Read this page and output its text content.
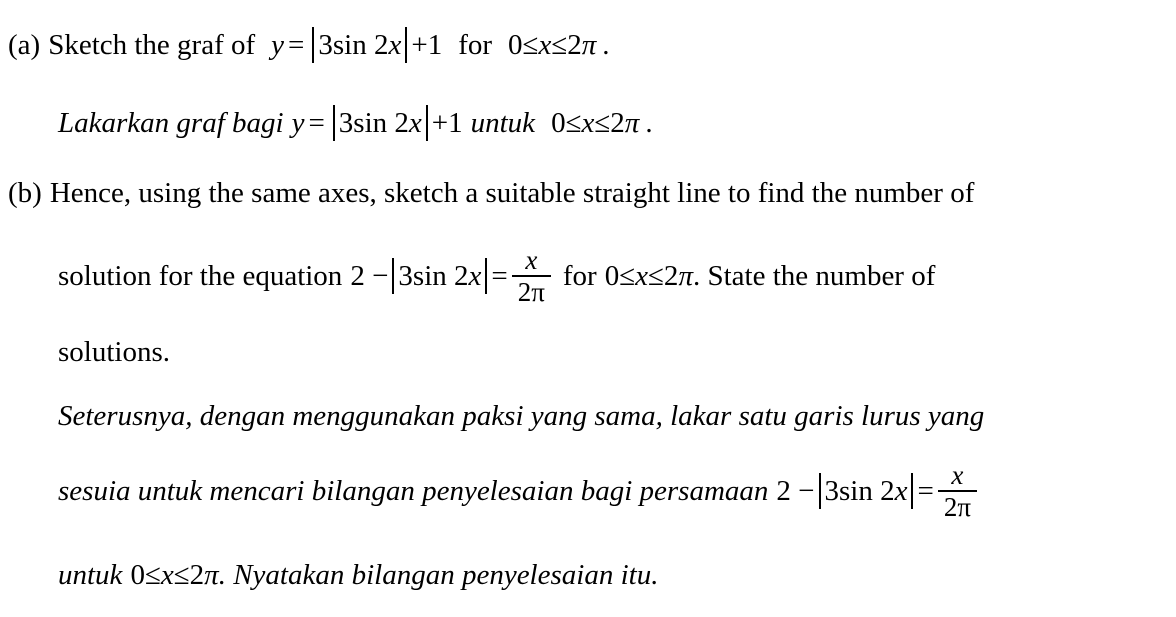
(a) Sketch the graf of y = 3sin 2 x +1 for 0≤ x ≤2 π .
Lakarkan graf bagi y = 3sin 2 x +1 untuk 0≤ x ≤2 π .
(b) Hence, using the same axes, sketch a suitable straight line to find the number of
solution for the equation 2 − 3sin 2 $x = \frac{x}{2\pi}$ for 0≤ x ≤2 π . State the number of
solutions.
Seterusnya, dengan menggunakan paksi yang sama, lakar satu garis lurus yang
sesuia untuk mencari bilangan penyelesaian bagi persamaan 2 − 3sin 2 $x = \frac{x}{2\pi}$
untuk 0≤ x ≤2 π . Nyatakan bilangan penyelesaian itu.
